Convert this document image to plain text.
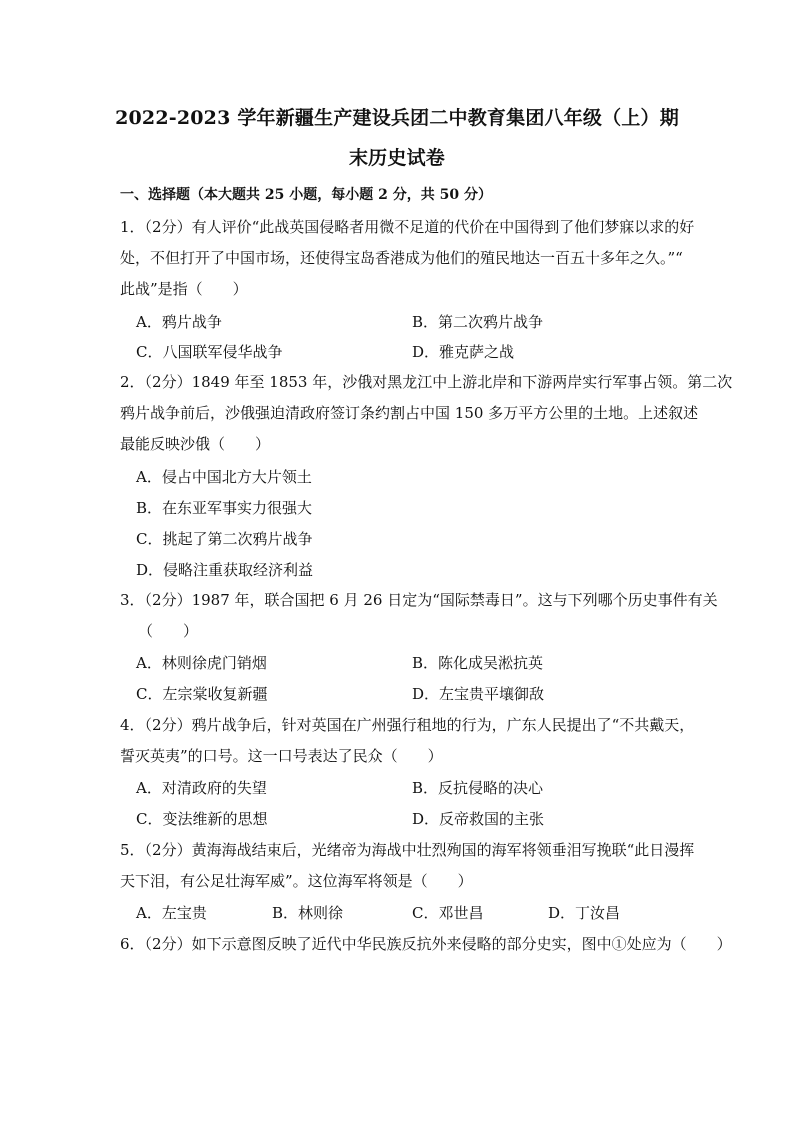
2022-2023 学年新疆生产建设兵团二中教育集团八年级（上）期
末历史试卷
一、选择题（本大题共 25 小题，每小题 2 分，共 50 分）

1．（2分）有人评价“此战英国侵略者用微不足道的代价在中国得到了他们梦寐以求的好

处，不但打开了中国市场，还使得宝岛香港成为他们的殖民地达一百五十多年之久。”“

此战”是指（　　）

A．鸦片战争	B．第二次鸦片战争
C．八国联军侵华战争	D．雅克萨之战

2．（2分）1849 年至 1853 年，沙俄对黑龙江中上游北岸和下游两岸实行军事占领。第二次

鸦片战争前后，沙俄强迫清政府签订条约割占中国 150 多万平方公里的土地。上述叙述

最能反映沙俄（　　）

A．侵占中国北方大片领土
B．在东亚军事实力很强大
C．挑起了第二次鸦片战争
D．侵略注重获取经济利益

3．（2分）1987 年，联合国把 6 月 26 日定为“国际禁毒日”。这与下列哪个历史事件有关

（　　）

A．林则徐虎门销烟	B．陈化成吴淞抗英
C．左宗棠收复新疆	D．左宝贵平壤御敌

4．（2分）鸦片战争后，针对英国在广州强行租地的行为，广东人民提出了“不共戴天，

誓灭英夷”的口号。这一口号表达了民众（　　）

A．对清政府的失望	B．反抗侵略的决心
C．变法维新的思想	D．反帝救国的主张

5．（2分）黄海海战结束后，光绪帝为海战中壮烈殉国的海军将领垂泪写挽联“此日漫挥

天下泪，有公足壮海军威”。这位海军将领是（　　）

A．左宝贵	B．林则徐	C．邓世昌	D．丁汝昌

6．（2分）如下示意图反映了近代中华民族反抗外来侵略的部分史实，图中①处应为（　　）
